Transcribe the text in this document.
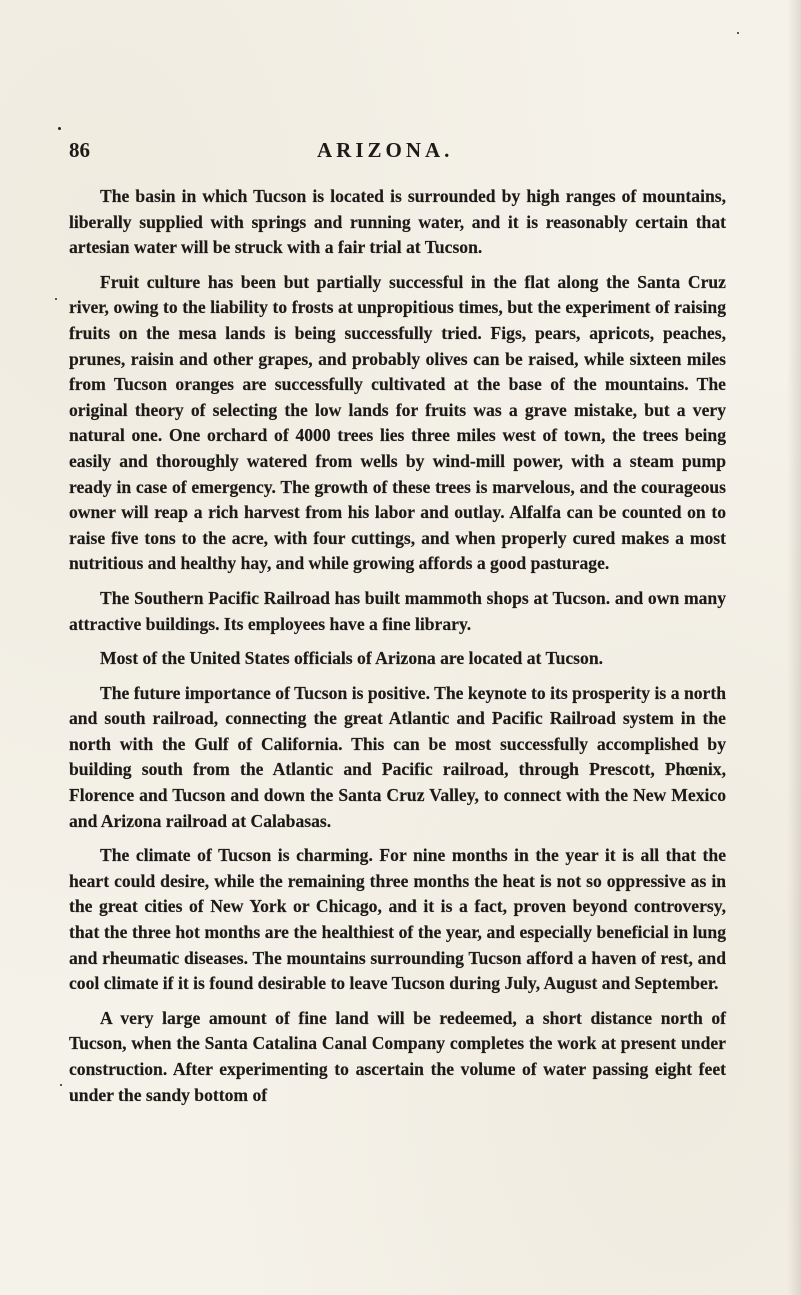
86	ARIZONA.

The basin in which Tucson is located is surrounded by high ranges of mountains, liberally supplied with springs and running water, and it is reasonably certain that artesian water will be struck with a fair trial at Tucson.

Fruit culture has been but partially successful in the flat along the Santa Cruz river, owing to the liability to frosts at unpropitious times, but the experiment of raising fruits on the mesa lands is being successfully tried. Figs, pears, apricots, peaches, prunes, raisin and other grapes, and probably olives can be raised, while sixteen miles from Tucson oranges are successfully cultivated at the base of the mountains. The original theory of selecting the low lands for fruits was a grave mistake, but a very natural one. One orchard of 4000 trees lies three miles west of town, the trees being easily and thoroughly watered from wells by wind-mill power, with a steam pump ready in case of emergency. The growth of these trees is marvelous, and the courageous owner will reap a rich harvest from his labor and outlay. Alfalfa can be counted on to raise five tons to the acre, with four cuttings, and when properly cured makes a most nutritious and healthy hay, and while growing affords a good pasturage.

The Southern Pacific Railroad has built mammoth shops at Tucson. and own many attractive buildings. Its employees have a fine library.

Most of the United States officials of Arizona are located at Tucson.

The future importance of Tucson is positive. The keynote to its prosperity is a north and south railroad, connecting the great Atlantic and Pacific Railroad system in the north with the Gulf of California. This can be most successfully accomplished by building south from the Atlantic and Pacific railroad, through Prescott, Phœnix, Florence and Tucson and down the Santa Cruz Valley, to connect with the New Mexico and Arizona railroad at Calabasas.

The climate of Tucson is charming. For nine months in the year it is all that the heart could desire, while the remaining three months the heat is not so oppressive as in the great cities of New York or Chicago, and it is a fact, proven beyond controversy, that the three hot months are the healthiest of the year, and especially beneficial in lung and rheumatic diseases. The mountains surrounding Tucson afford a haven of rest, and cool climate if it is found desirable to leave Tucson during July, August and September.

A very large amount of fine land will be redeemed, a short distance north of Tucson, when the Santa Catalina Canal Company completes the work at present under construction. After experimenting to ascertain the volume of water passing eight feet under the sandy bottom of
